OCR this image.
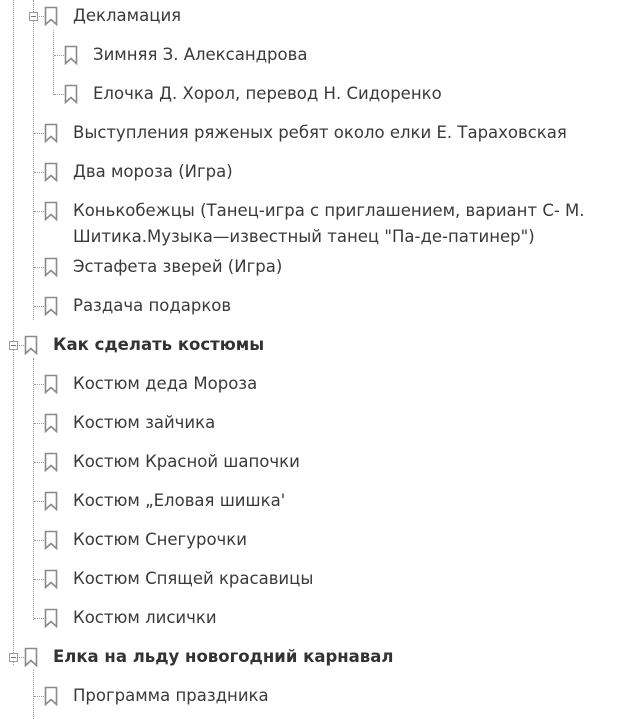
Декламация
Зимняя З. Александрова
Елочка Д. Хорол, перевод Н. Сидоренко
Выступления ряженых ребят около елки Е. Тараховская
Два мороза (Игра)
Конькобежцы (Танец-игра с приглашением, вариант С- М. Шитика.Музыка—известный танец "Па-де-патинер")
Эстафета зверей (Игра)
Раздача подарков
Как сделать костюмы
Костюм деда Мороза
Костюм зайчика
Костюм Красной шапочки
Костюм „Еловая шишка'
Костюм Снегурочки
Костюм Спящей красавицы
Костюм лисички
Елка на льду новогодний карнавал
Программа праздника
